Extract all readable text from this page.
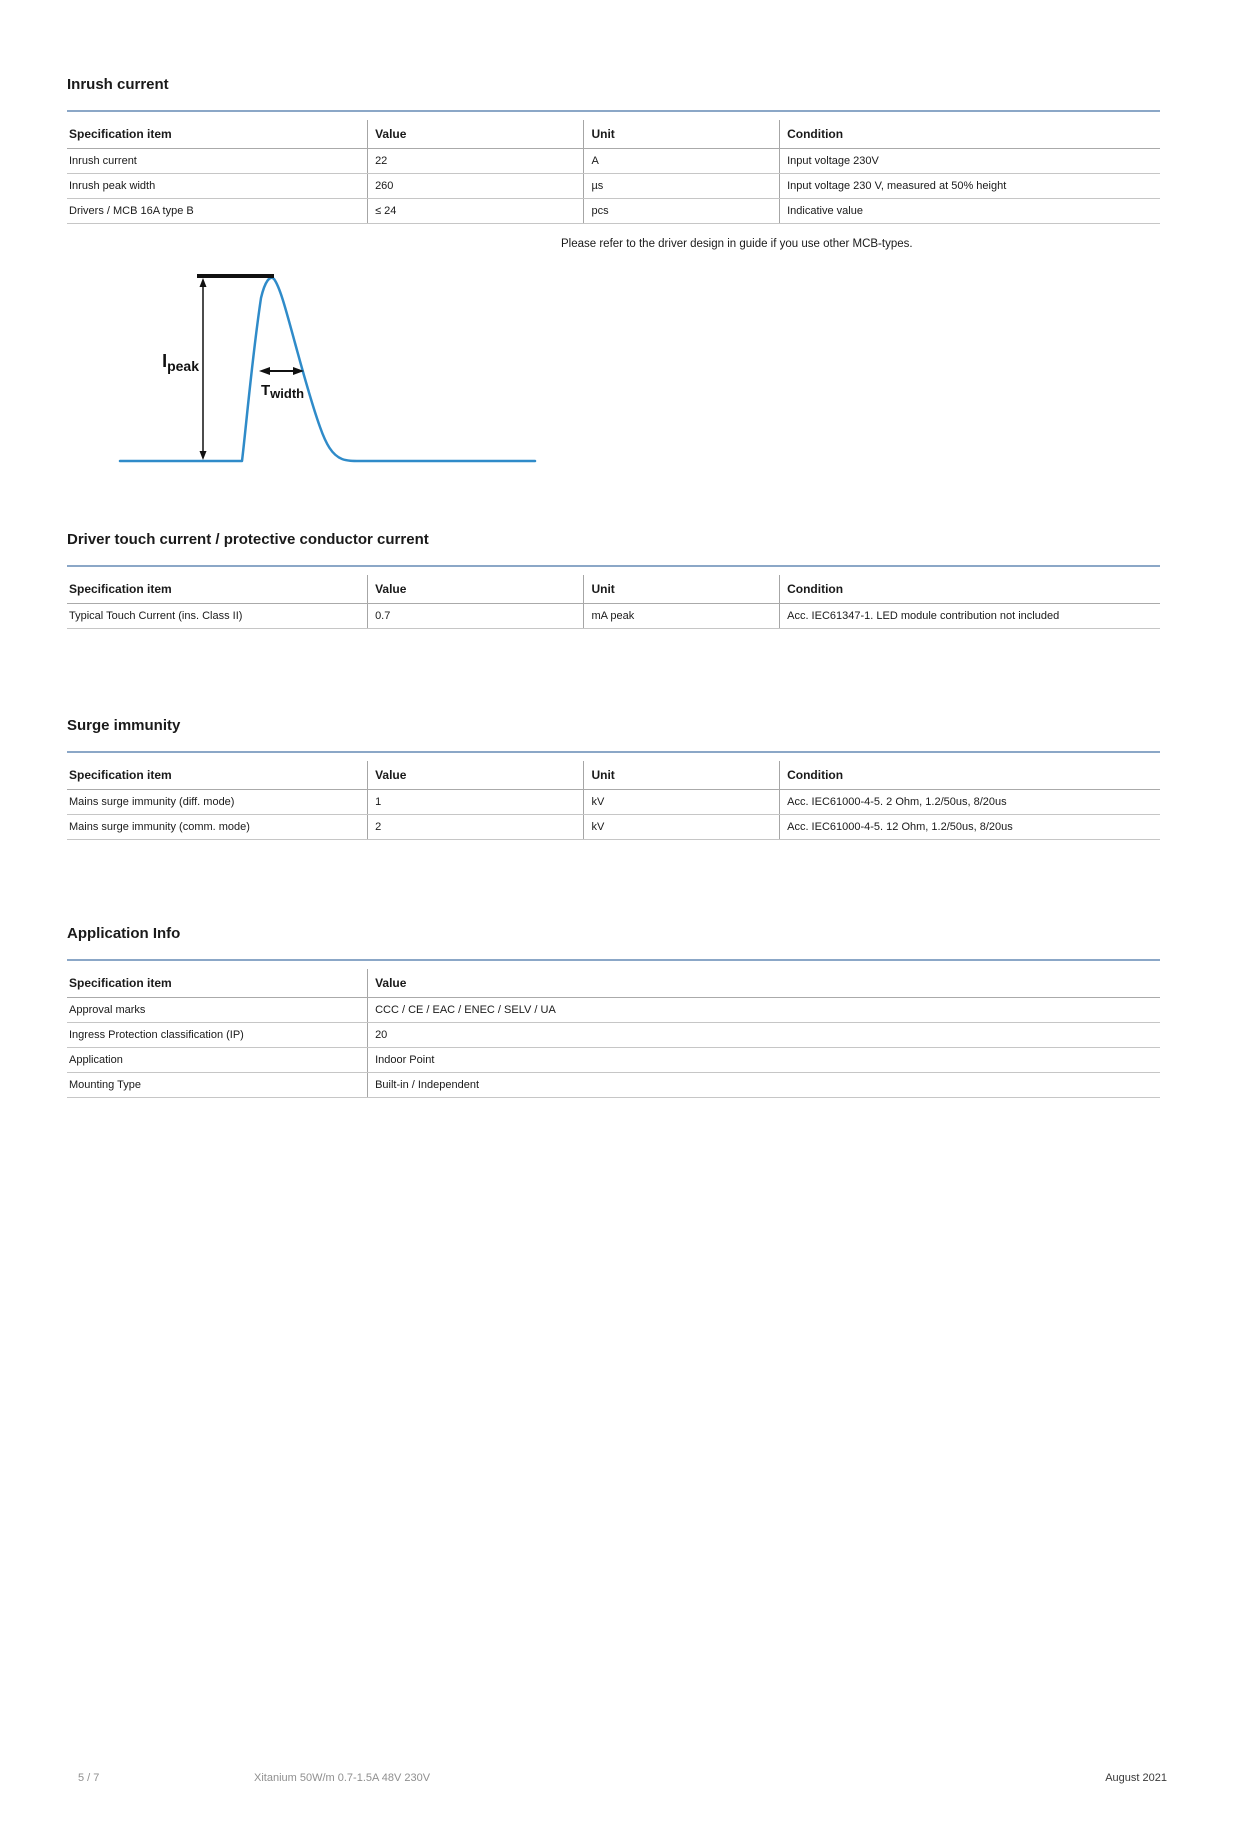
Inrush current
Specification item	Value	Unit	Condition
Inrush current	22	A	Input voltage 230V
Inrush peak width	260	µs	Input voltage 230 V, measured at 50% height
Drivers / MCB 16A type B	≤ 24	pcs	Indicative value
Please refer to the driver design in guide if you use other MCB-types.
Ipeak
Twidth
Driver touch current / protective conductor current
Specification item	Value	Unit	Condition
Typical Touch Current (ins. Class II)	0.7	mA peak	Acc. IEC61347-1. LED module contribution not included
Surge immunity
Specification item	Value	Unit	Condition
Mains surge immunity (diff. mode)	1	kV	Acc. IEC61000-4-5. 2 Ohm, 1.2/50us, 8/20us
Mains surge immunity (comm. mode)	2	kV	Acc. IEC61000-4-5. 12 Ohm, 1.2/50us, 8/20us
Application Info
Specification item	Value
Approval marks	CCC / CE / EAC / ENEC / SELV / UA
Ingress Protection classification (IP)	20
Application	Indoor Point
Mounting Type	Built-in / Independent
5 / 7	Xitanium 50W/m 0.7-1.5A 48V 230V	August 2021
